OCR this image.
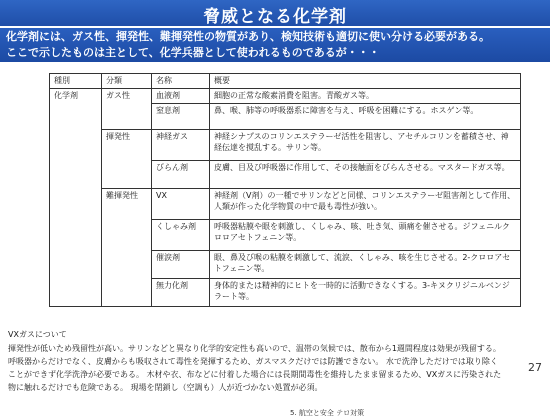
脅威となる化学剤
化学剤には、ガス性、揮発性、難揮発性の物質があり、検知技術も適切に使い分ける必要がある。
ここで示したものは主として、化学兵器として使われるものであるが・・・
種別	分類	名称	概要
化学剤	ガス性	血液剤	細胞の正常な酸素消費を阻害。青酸ガス等。
		窒息剤	鼻、喉、肺等の呼吸器系に障害を与え、呼吸を困難にする。ホスゲン等。
	揮発性	神経ガス	神経シナプスのコリンエステラーゼ活性を阻害し、アセチルコリンを蓄積させ、神経伝達を撹乱する。サリン等。
		びらん剤	皮膚、目及び呼吸器に作用して、その接触面をびらんさせる。マスタードガス等。
	難揮発性	VX	神経剤（V剤）の一種でサリンなどと同様、コリンエステラーゼ阻害剤として作用、人類が作った化学物質の中で最も毒性が強い。
		くしゃみ剤	呼吸器粘膜や眼を刺激し、くしゃみ、咳、吐き気、頭痛を催させる。ジフェニルクロロアセトフェニン等。
		催涙剤	眼、鼻及び喉の粘膜を刺激して、流涙、くしゃみ、咳を生じさせる。2-クロロアセトフェニン等。
		無力化剤	身体的または精神的にヒトを一時的に活動できなくする。3-キヌクリジニルベンジラート等。
VXガスについて
揮発性が低いため残留性が高い。サリンなどと異なり化学的安定性も高いので、温帯の気候では、散布から1週間程度は効果が残留する。
呼吸器からだけでなく、皮膚からも吸収されて毒性を発揮するため、ガスマスクだけでは防護できない。 水で洗浄しただけでは取り除く
ことができず化学洗浄が必要である。 木材や衣、布などに付着した場合には長期間毒性を維持したまま留まるため、VXガスに汚染された
物に触れるだけでも危険である。 現場を閉鎖し（空調も）人が近づかない処置が必須。
27
5. 航空と安全 テロ対策
